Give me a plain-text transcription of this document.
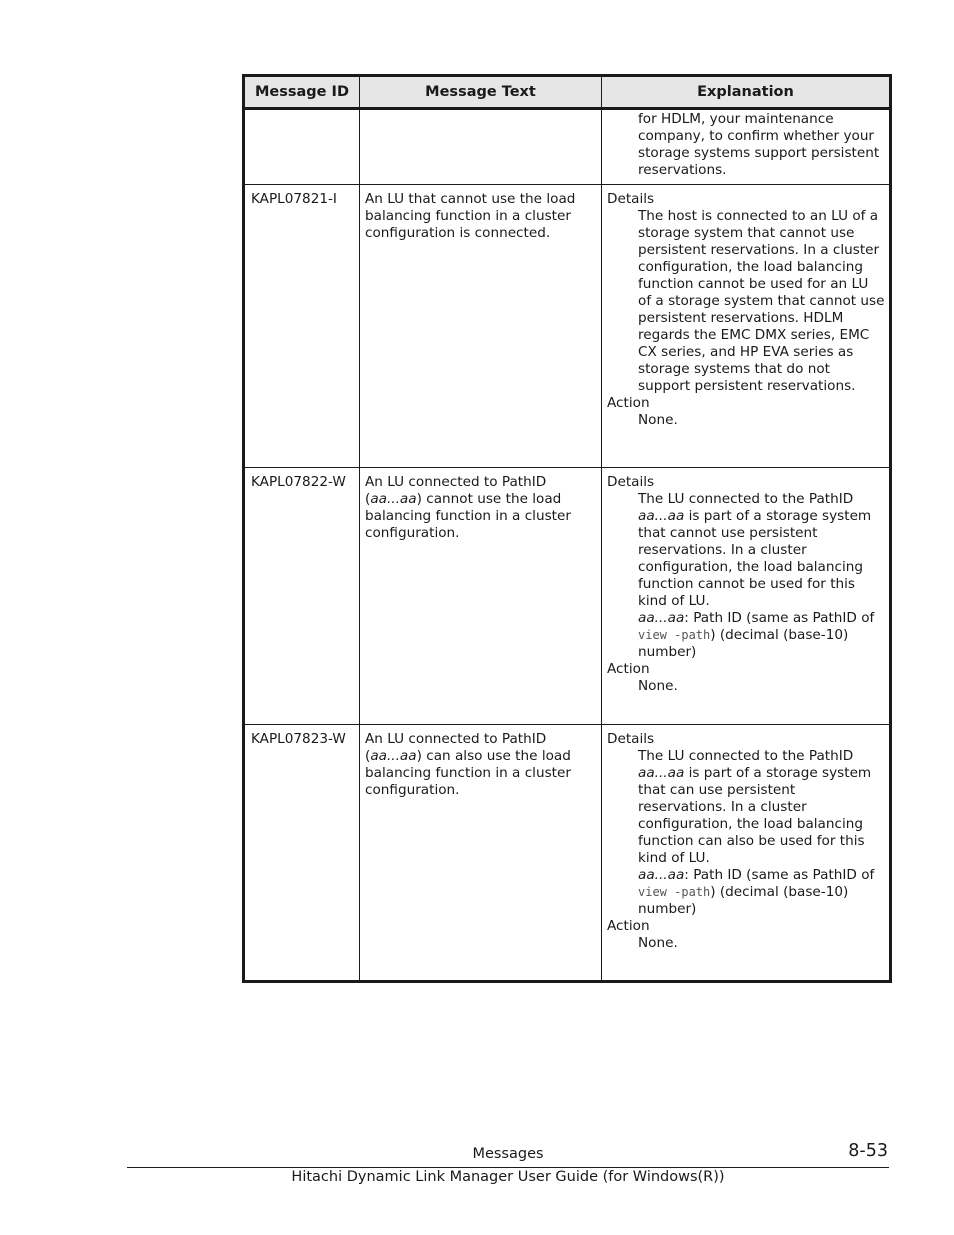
Message ID	Message Text	Explanation

		for HDLM, your maintenance company, to confirm whether your storage systems support persistent reservations.

KAPL07821-I	An LU that cannot use the load balancing function in a cluster configuration is connected.	Details

The host is connected to an LU of a storage system that cannot use persistent reservations. In a cluster configuration, the load balancing function cannot be used for an LU of a storage system that cannot use persistent reservations. HDLM regards the EMC DMX series, EMC CX series, and HP EVA series as storage systems that do not support persistent reservations.

Action

None.

KAPL07822-W	An LU connected to PathID (aa...aa) cannot use the load balancing function in a cluster configuration.	Details

The LU connected to the PathID aa...aa is part of a storage system that cannot use persistent reservations. In a cluster configuration, the load balancing function cannot be used for this kind of LU.

aa...aa: Path ID (same as PathID of view -path) (decimal (base-10) number)

Action

None.

KAPL07823-W	An LU connected to PathID (aa...aa) can also use the load balancing function in a cluster configuration.	Details

The LU connected to the PathID aa...aa is part of a storage system that can use persistent reservations. In a cluster configuration, the load balancing function can also be used for this kind of LU.

aa...aa: Path ID (same as PathID of view -path) (decimal (base-10) number)

Action

None.

Messages	8-53
Hitachi Dynamic Link Manager User Guide (for Windows(R))
